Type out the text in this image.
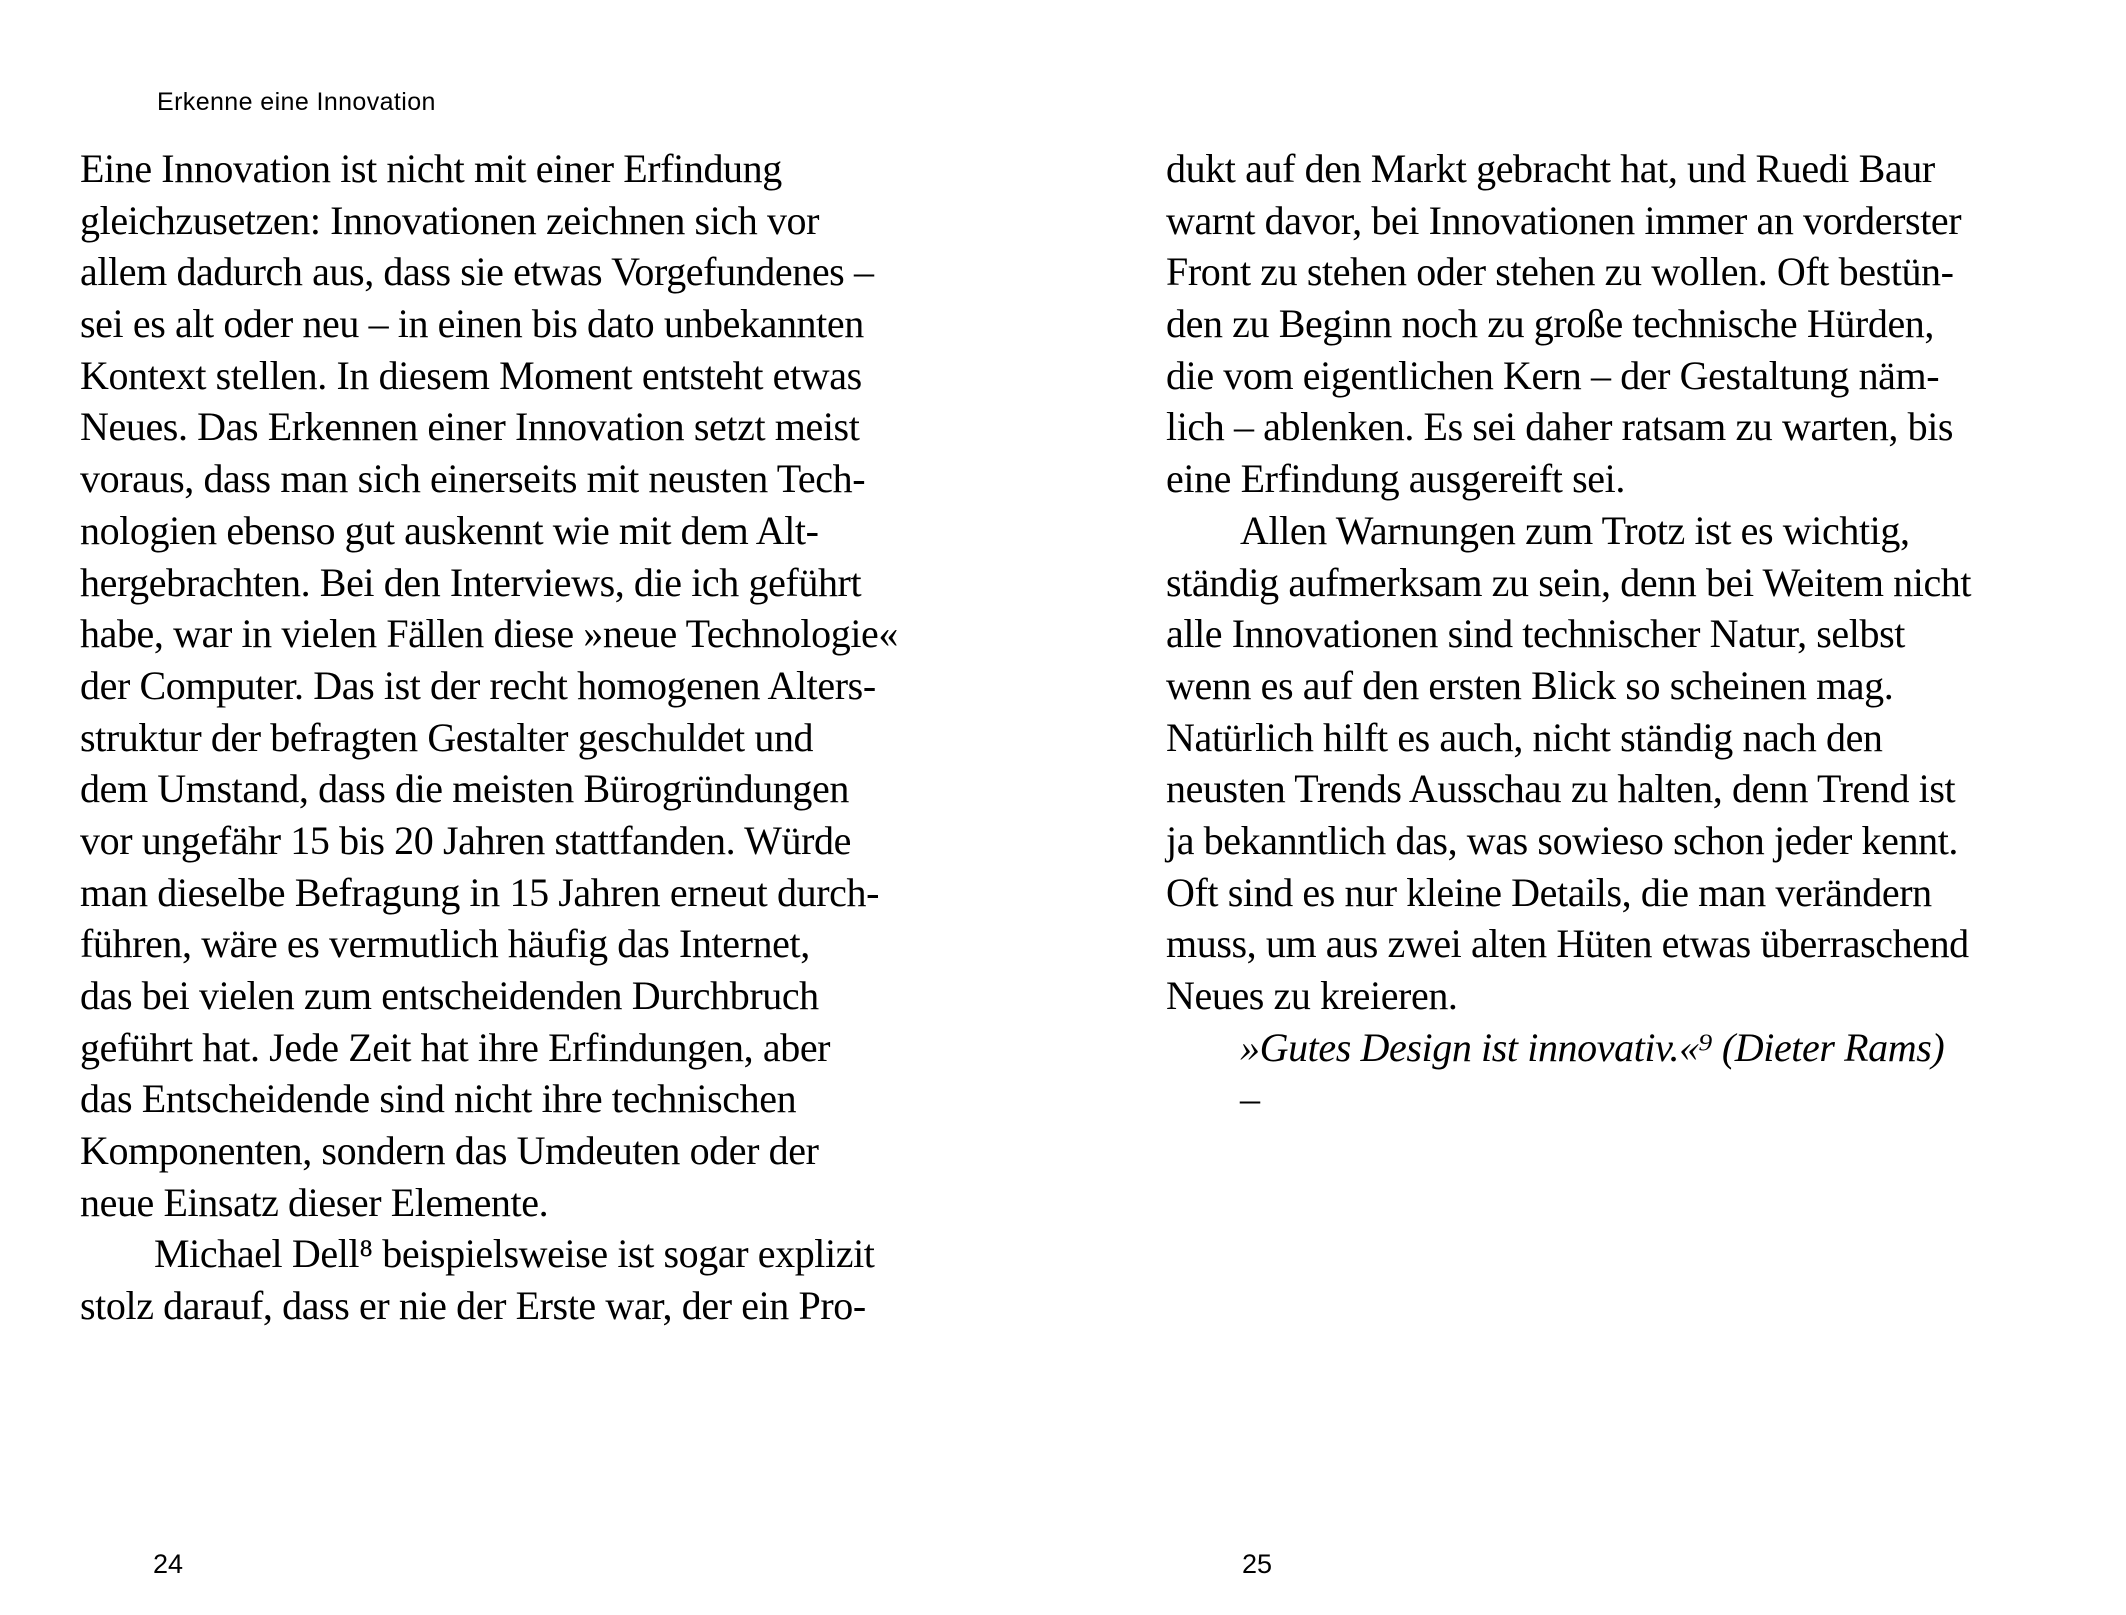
Erkenne eine Innovation
Eine Innovation ist nicht mit einer Erfindung
gleichzusetzen: Innovationen zeichnen sich vor
allem dadurch aus, dass sie etwas Vorgefundenes –
sei es alt oder neu – in einen bis dato unbekannten
Kontext stellen. In diesem Moment entsteht etwas
Neues. Das Erkennen einer Innovation setzt meist
voraus, dass man sich einerseits mit neusten Tech-
nologien ebenso gut auskennt wie mit dem Alt-
hergebrachten. Bei den Interviews, die ich geführt
habe, war in vielen Fällen diese »neue Technologie«
der Computer. Das ist der recht homogenen Alters-
struktur der befragten Gestalter geschuldet und
dem Umstand, dass die meisten Bürogründungen
vor ungefähr 15 bis 20 Jahren stattfanden. Würde
man dieselbe Befragung in 15 Jahren erneut durch-
führen, wäre es vermutlich häufig das Internet,
das bei vielen zum entscheidenden Durchbruch
geführt hat. Jede Zeit hat ihre Erfindungen, aber
das Entscheidende sind nicht ihre technischen
Komponenten, sondern das Umdeuten oder der
neue Einsatz dieser Elemente.
Michael Dell⁸ beispielsweise ist sogar explizit
stolz darauf, dass er nie der Erste war, der ein Pro-
dukt auf den Markt gebracht hat, und Ruedi Baur
warnt davor, bei Innovationen immer an vorderster
Front zu stehen oder stehen zu wollen. Oft bestün-
den zu Beginn noch zu große technische Hürden,
die vom eigentlichen Kern – der Gestaltung näm-
lich – ablenken. Es sei daher ratsam zu warten, bis
eine Erfindung ausgereift sei.
Allen Warnungen zum Trotz ist es wichtig,
ständig aufmerksam zu sein, denn bei Weitem nicht
alle Innovationen sind technischer Natur, selbst
wenn es auf den ersten Blick so scheinen mag.
Natürlich hilft es auch, nicht ständig nach den
neusten Trends Ausschau zu halten, denn Trend ist
ja bekanntlich das, was sowieso schon jeder kennt.
Oft sind es nur kleine Details, die man verändern
muss, um aus zwei alten Hüten etwas überraschend
Neues zu kreieren.
»Gutes Design ist innovativ.«⁹ (Dieter Rams)
–
24	25
